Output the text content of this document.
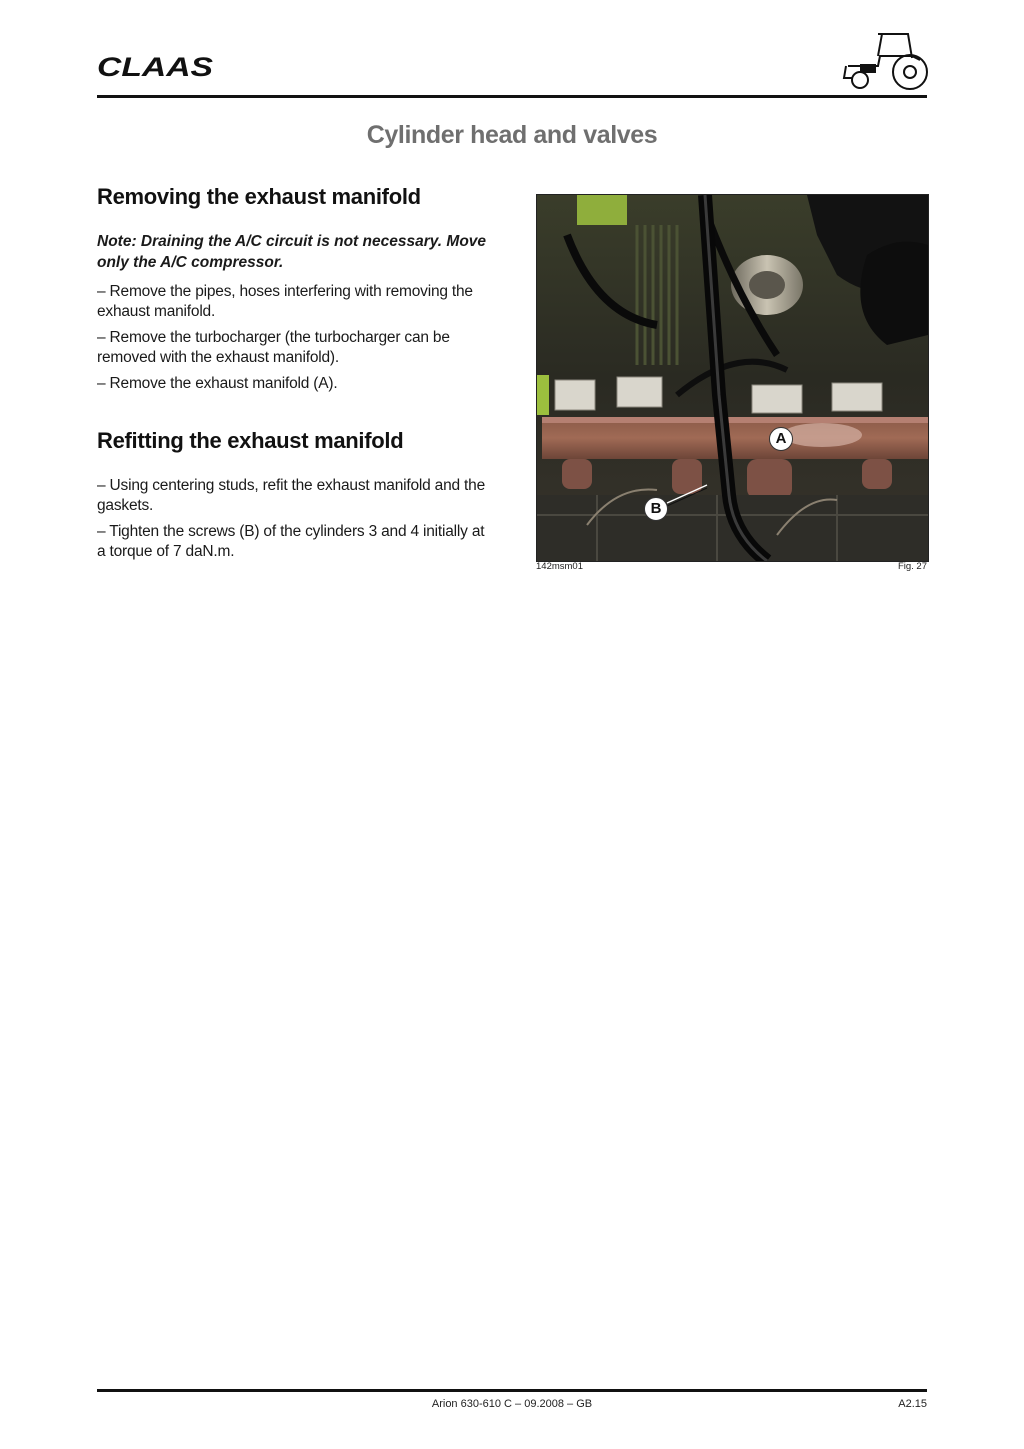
CLAAS
Cylinder head and valves
Removing the exhaust manifold

Note: Draining the A/C circuit is not necessary. Move only the A/C compressor.

– Remove the pipes, hoses interfering with removing the exhaust manifold.

– Remove the turbocharger (the turbocharger can be removed with the exhaust manifold).

– Remove the exhaust manifold (A).

Refitting the exhaust manifold

– Using centering studs, refit the exhaust manifold and the gaskets.

– Tighten the screws (B) of the cylinders 3 and 4 initially at a torque of 7 daN.m.

A
B
142msm01	Fig. 27
Arion 630-610 C – 09.2008 – GB	A2.15
